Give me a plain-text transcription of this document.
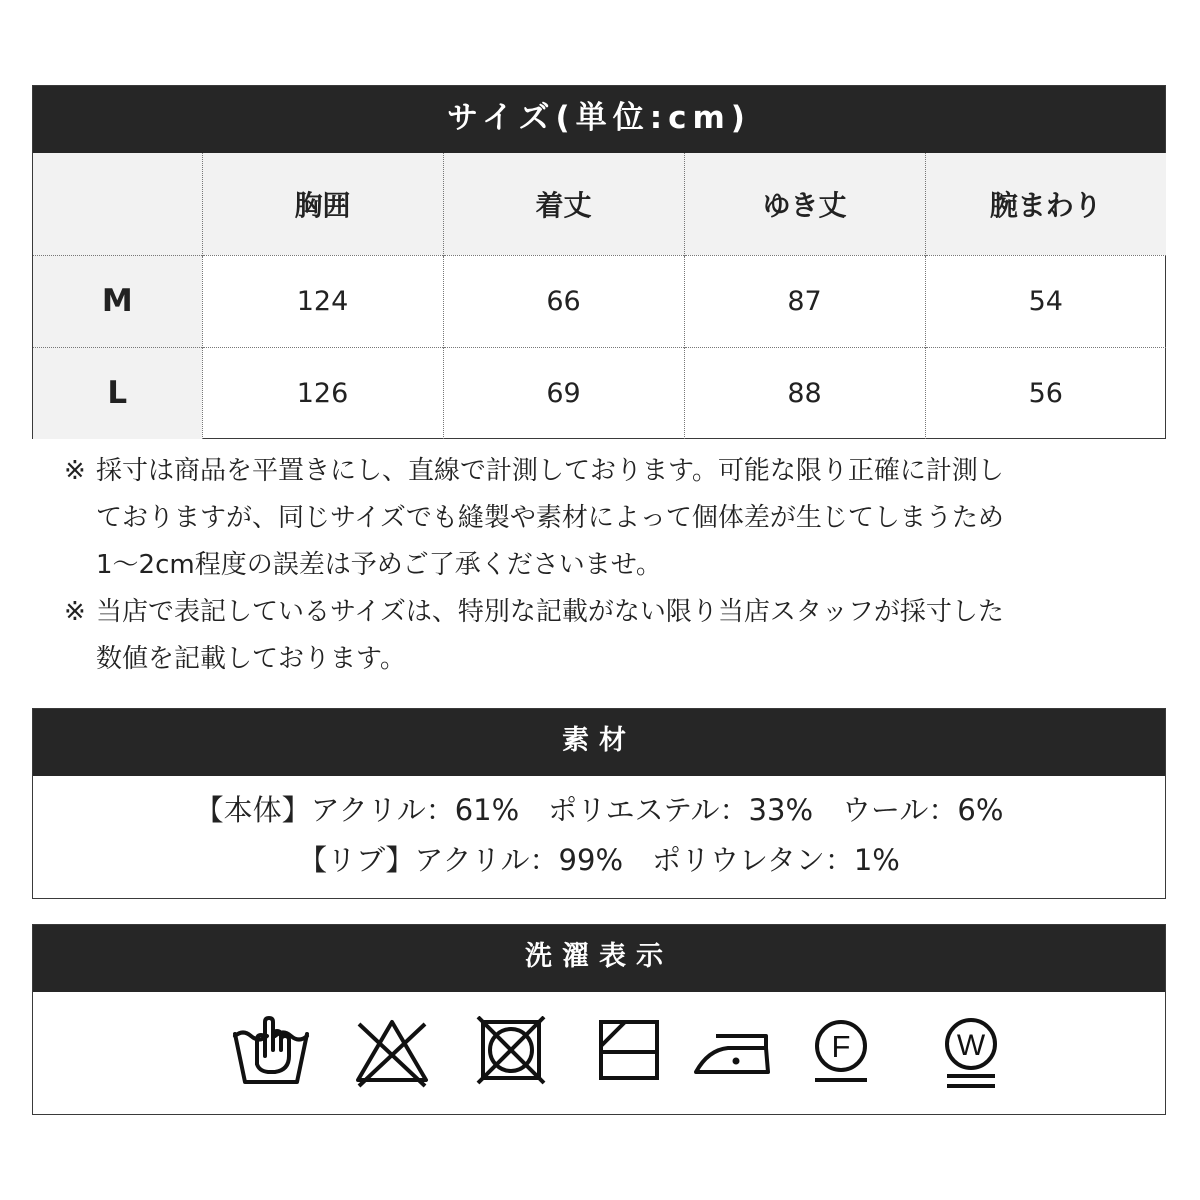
サイズ(単位:cm)
	胸囲	着丈	ゆき丈	腕まわり
M	124	66	87	54
L	126	69	88	56
※ 採寸は商品を平置きにし、直線で計測しております。可能な限り正確に計測し
ておりますが、同じサイズでも縫製や素材によって個体差が生じてしまうため
1～2cm程度の誤差は予めご了承くださいませ。
※ 当店で表記しているサイズは、特別な記載がない限り当店スタッフが採寸した
数値を記載しております。
素材
【本体】アクリル：61%　ポリエステル：33%　ウール：6%
【リブ】アクリル：99%　ポリウレタン：1%
洗濯表示
F	W
